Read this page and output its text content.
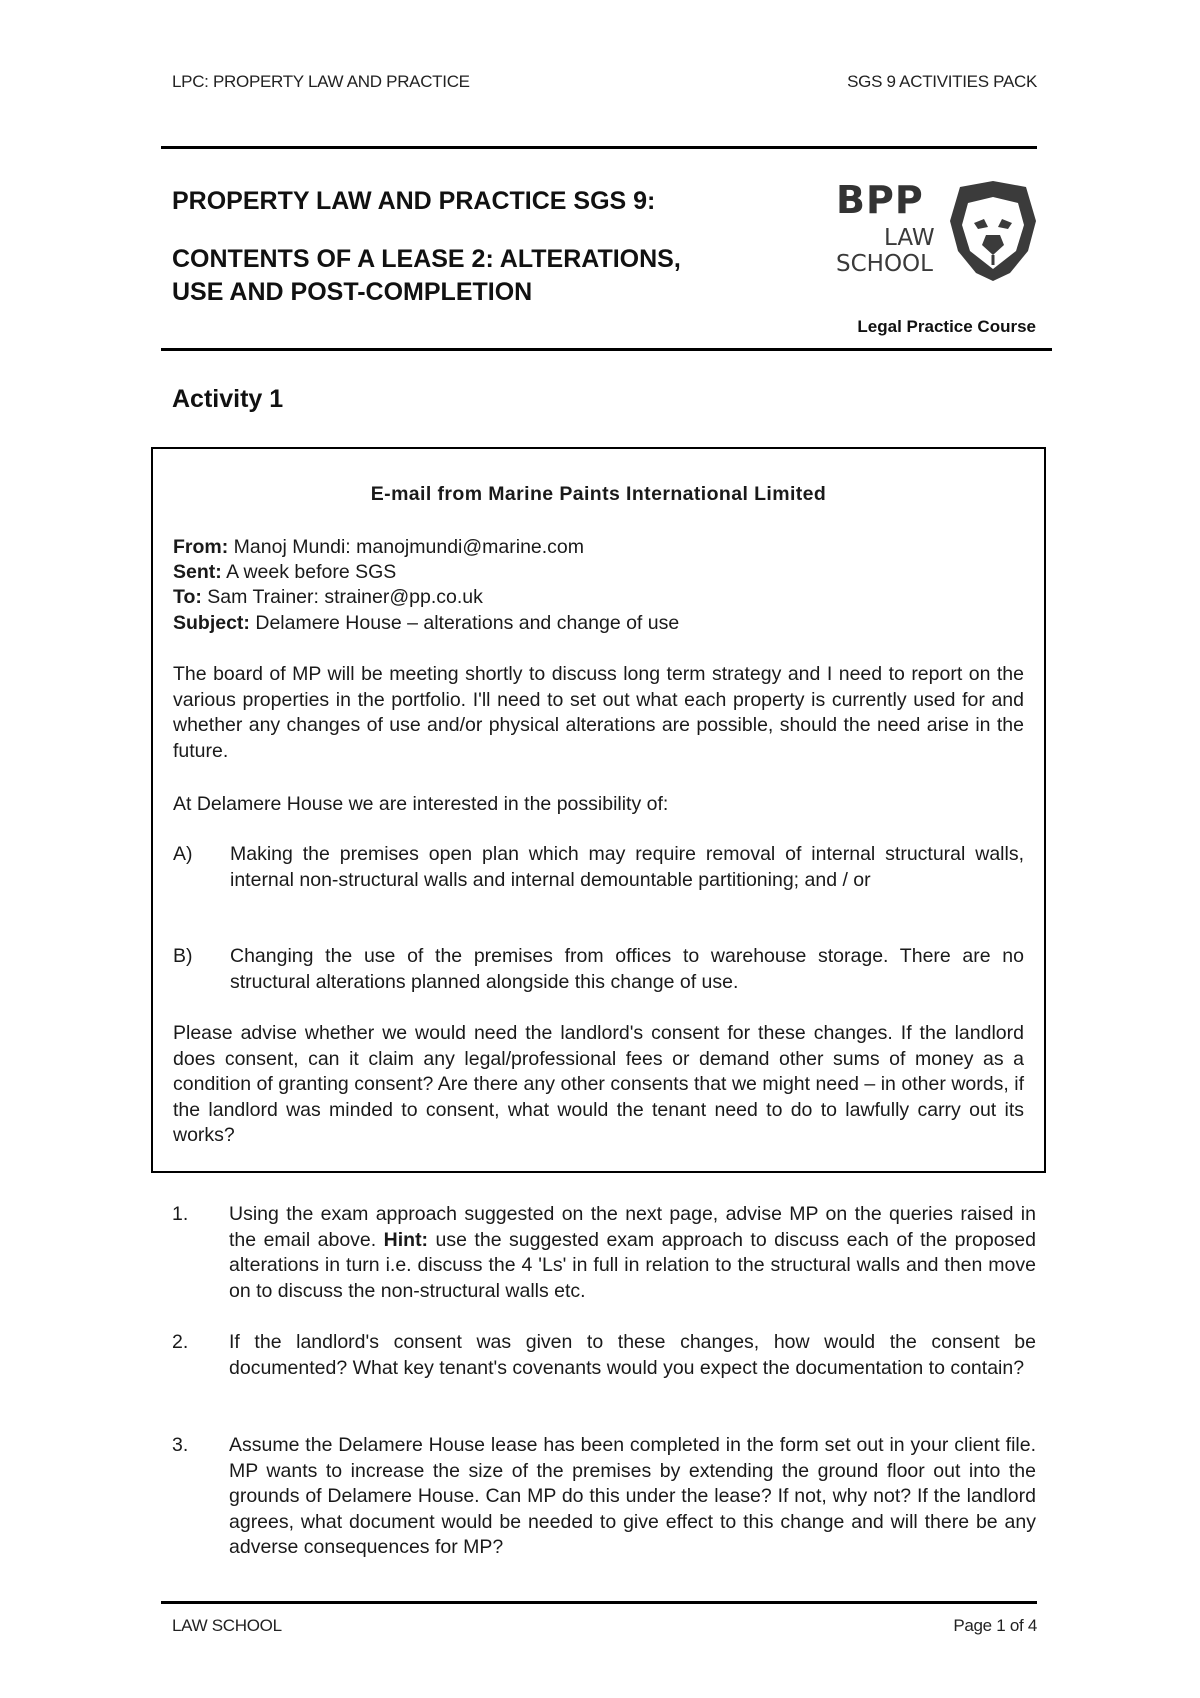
LPC: PROPERTY LAW AND PRACTICE	SGS 9 ACTIVITIES PACK
PROPERTY LAW AND PRACTICE SGS 9:
CONTENTS OF A LEASE 2: ALTERATIONS,
USE AND POST-COMPLETION
BPP
LAW
SCHOOL
Legal Practice Course
Activity 1
E-mail from Marine Paints International Limited
From: Manoj Mundi: manojmundi@marine.com
Sent: A week before SGS
To: Sam Trainer: strainer@pp.co.uk
Subject: Delamere House – alterations and change of use
The board of MP will be meeting shortly to discuss long term strategy and I need to report on the various properties in the portfolio. I'll need to set out what each property is currently used for and whether any changes of use and/or physical alterations are possible, should the need arise in the future.
At Delamere House we are interested in the possibility of:
A) Making the premises open plan which may require removal of internal structural walls, internal non-structural walls and internal demountable partitioning; and / or
B) Changing the use of the premises from offices to warehouse storage. There are no structural alterations planned alongside this change of use.
Please advise whether we would need the landlord's consent for these changes. If the landlord does consent, can it claim any legal/professional fees or demand other sums of money as a condition of granting consent? Are there any other consents that we might need – in other words, if the landlord was minded to consent, what would the tenant need to do to lawfully carry out its works?
1. Using the exam approach suggested on the next page, advise MP on the queries raised in the email above. Hint: use the suggested exam approach to discuss each of the proposed alterations in turn i.e. discuss the 4 'Ls' in full in relation to the structural walls and then move on to discuss the non-structural walls etc.
2. If the landlord's consent was given to these changes, how would the consent be documented? What key tenant's covenants would you expect the documentation to contain?
3. Assume the Delamere House lease has been completed in the form set out in your client file. MP wants to increase the size of the premises by extending the ground floor out into the grounds of Delamere House. Can MP do this under the lease? If not, why not? If the landlord agrees, what document would be needed to give effect to this change and will there be any adverse consequences for MP?
LAW SCHOOL	Page 1 of 4
